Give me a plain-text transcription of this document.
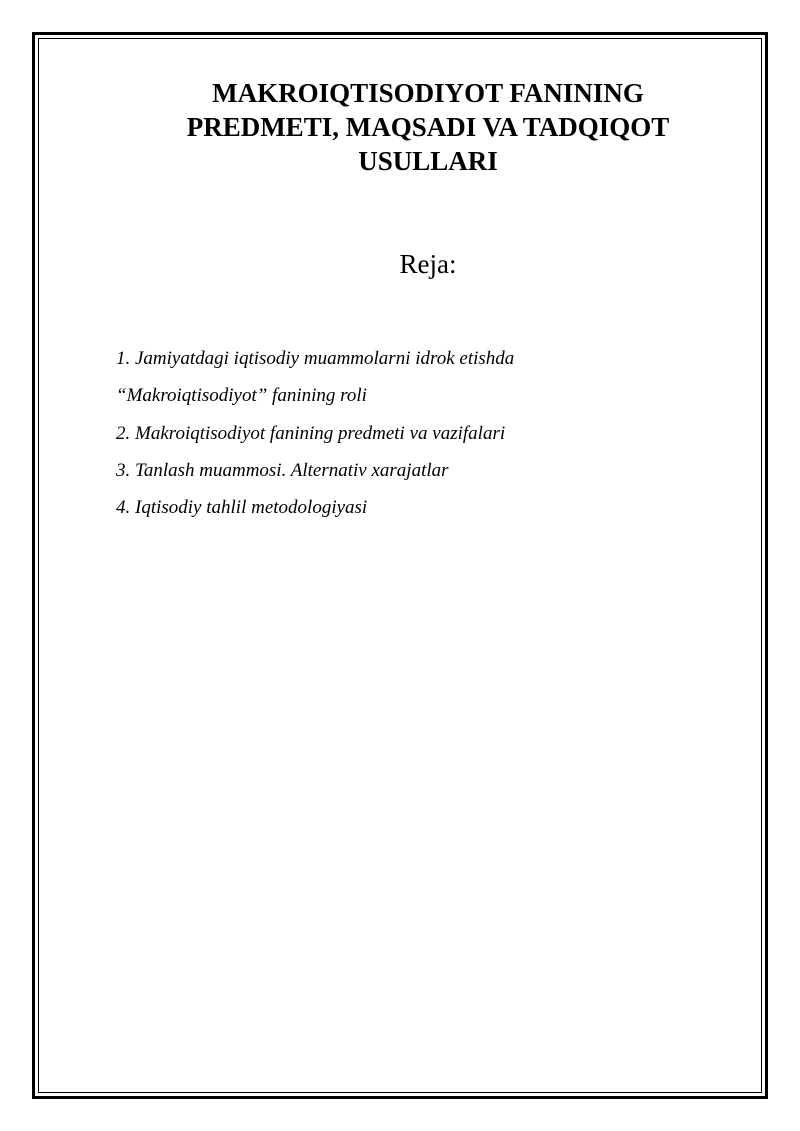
MAKROIQTISODIYOT FANINING
PREDMETI, MAQSADI VA TADQIQOT
USULLARI
Reja:
1. Jamiyatdagi iqtisodiy muammolarni idrok etishda
“Makroiqtisodiyot” fanining roli
2. Makroiqtisodiyot fanining predmeti va vazifalari
3. Tanlash muammosi. Alternativ xarajatlar
4. Iqtisodiy tahlil metodologiyasi
